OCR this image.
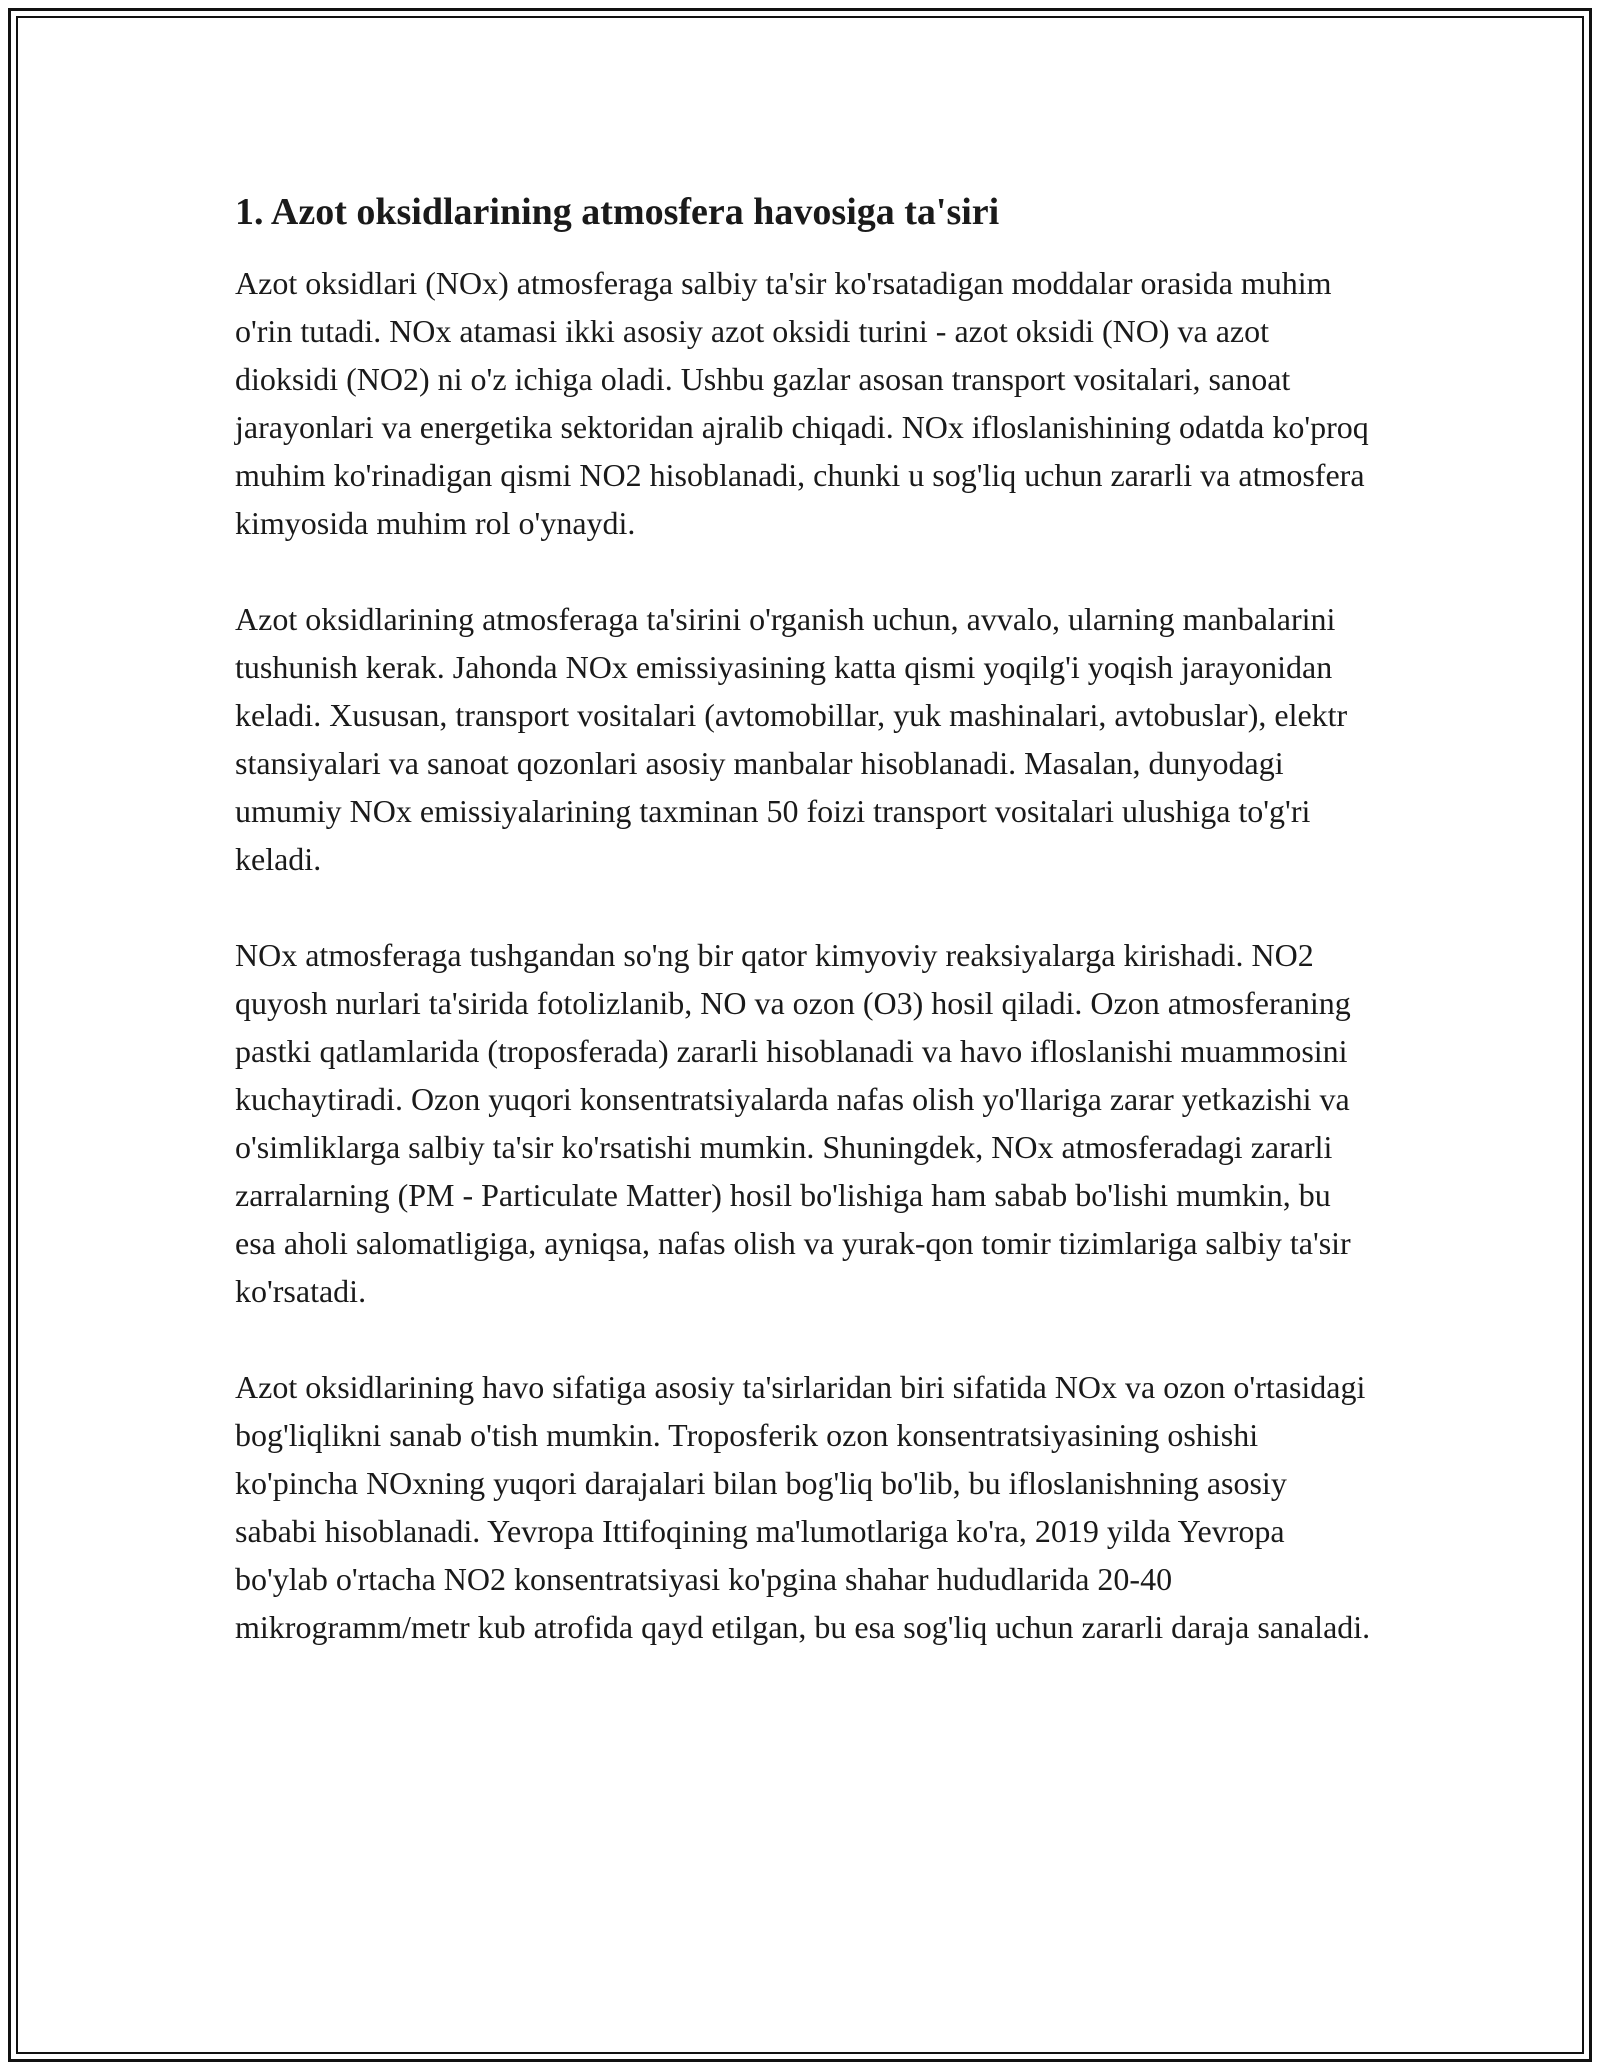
1. Azot oksidlarining atmosfera havosiga ta'siri

Azot oksidlari (NOx) atmosferaga salbiy ta'sir ko'rsatadigan moddalar orasida muhim o'rin tutadi. NOx atamasi ikki asosiy azot oksidi turini - azot oksidi (NO) va azot dioksidi (NO2) ni o'z ichiga oladi. Ushbu gazlar asosan transport vositalari, sanoat jarayonlari va energetika sektoridan ajralib chiqadi. NOx ifloslanishining odatda ko'proq muhim ko'rinadigan qismi NO2 hisoblanadi, chunki u sog'liq uchun zararli va atmosfera kimyosida muhim rol o'ynaydi.

Azot oksidlarining atmosferaga ta'sirini o'rganish uchun, avvalo, ularning manbalarini tushunish kerak. Jahonda NOx emissiyasining katta qismi yoqilg'i yoqish jarayonidan keladi. Xususan, transport vositalari (avtomobillar, yuk mashinalari, avtobuslar), elektr stansiyalari va sanoat qozonlari asosiy manbalar hisoblanadi. Masalan, dunyodagi umumiy NOx emissiyalarining taxminan 50 foizi transport vositalari ulushiga to'g'ri keladi.

NOx atmosferaga tushgandan so'ng bir qator kimyoviy reaksiyalarga kirishadi. NO2 quyosh nurlari ta'sirida fotolizlanib, NO va ozon (O3) hosil qiladi. Ozon atmosferaning pastki qatlamlarida (troposferada) zararli hisoblanadi va havo ifloslanishi muammosini kuchaytiradi. Ozon yuqori konsentratsiyalarda nafas olish yo'llariga zarar yetkazishi va o'simliklarga salbiy ta'sir ko'rsatishi mumkin. Shuningdek, NOx atmosferadagi zararli zarralarning (PM - Particulate Matter) hosil bo'lishiga ham sabab bo'lishi mumkin, bu esa aholi salomatligiga, ayniqsa, nafas olish va yurak-qon tomir tizimlariga salbiy ta'sir ko'rsatadi.

Azot oksidlarining havo sifatiga asosiy ta'sirlaridan biri sifatida NOx va ozon o'rtasidagi bog'liqlikni sanab o'tish mumkin. Troposferik ozon konsentratsiyasining oshishi ko'pincha NOxning yuqori darajalari bilan bog'liq bo'lib, bu ifloslanishning asosiy sababi hisoblanadi. Yevropa Ittifoqining ma'lumotlariga ko'ra, 2019 yilda Yevropa bo'ylab o'rtacha NO2 konsentratsiyasi ko'pgina shahar hududlarida 20-40 mikrogramm/metr kub atrofida qayd etilgan, bu esa sog'liq uchun zararli daraja sanaladi.
